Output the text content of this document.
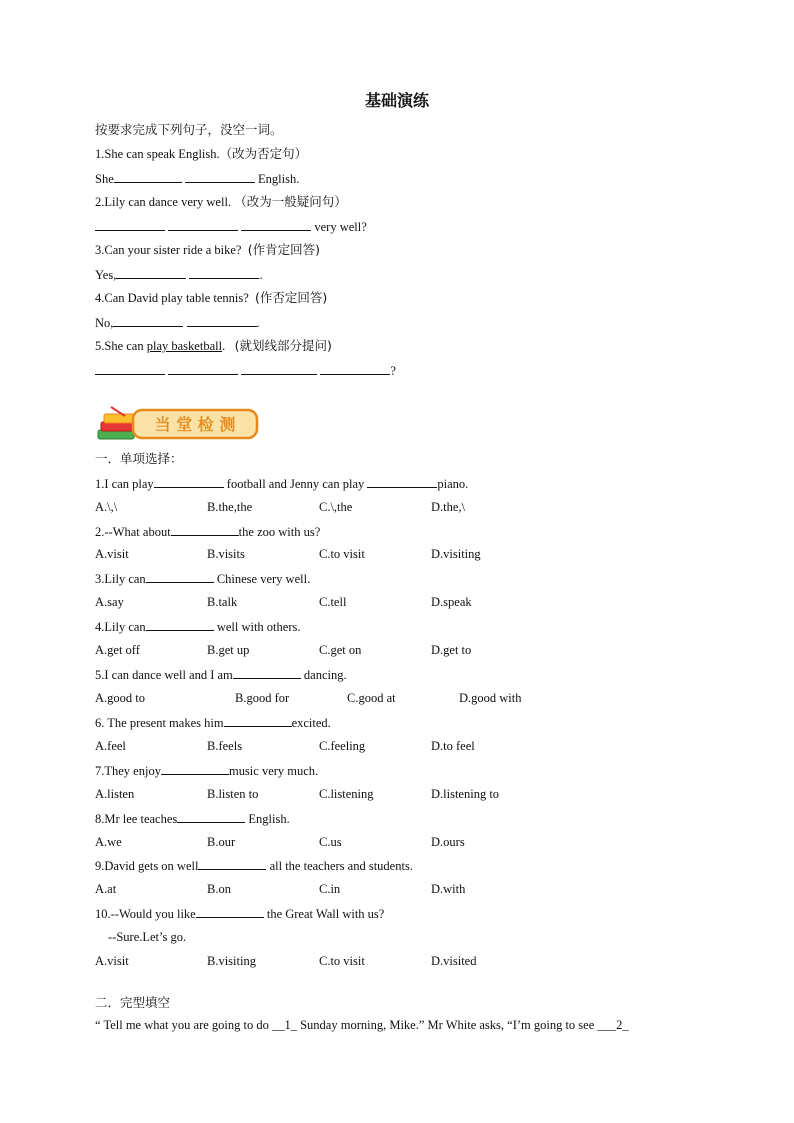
基础演练
按要求完成下列句子，没空一词。
1.She can speak English.（改为否定句）
She	English.
2.Lily can dance very well. （改为一般疑问句）
very well?
3.Can your sister ride a bike? (作肯定回答)
Yes,	.
4.Can David play table tennis? (作否定回答)
No,	.
5.She can play basketball. (就划线部分提问)
?
当 堂 检 测
一．单项选择：
1.I can play	football and Jenny can play	piano.
A.\,\	B.the,the	C.\,the	D.the,\
2.--What about	the zoo with us?
A.visit	B.visits	C.to visit	D.visiting
3.Lily can	Chinese very well.
A.say	B.talk	C.tell	D.speak
4.Lily can	well with others.
A.get off	B.get up	C.get on	D.get to
5.I can dance well and I am	dancing.
A.good to	B.good for	C.good at	D.good with
6. The present makes him	excited.
A.feel	B.feels	C.feeling	D.to feel
7.They enjoy	music very much.
A.listen	B.listen to	C.listening	D.listening to
8.Mr lee teaches	English.
A.we	B.our	C.us	D.ours
9.David gets on well	all the teachers and students.
A.at	B.on	C.in	D.with
10.--Would you like	the Great Wall with us?
--Sure.Let’s go.
A.visit	B.visiting	C.to visit	D.visited
二．完型填空
“ Tell me what you are going to do __1_ Sunday morning, Mike.” Mr White asks, “I’m going to see ___2_
